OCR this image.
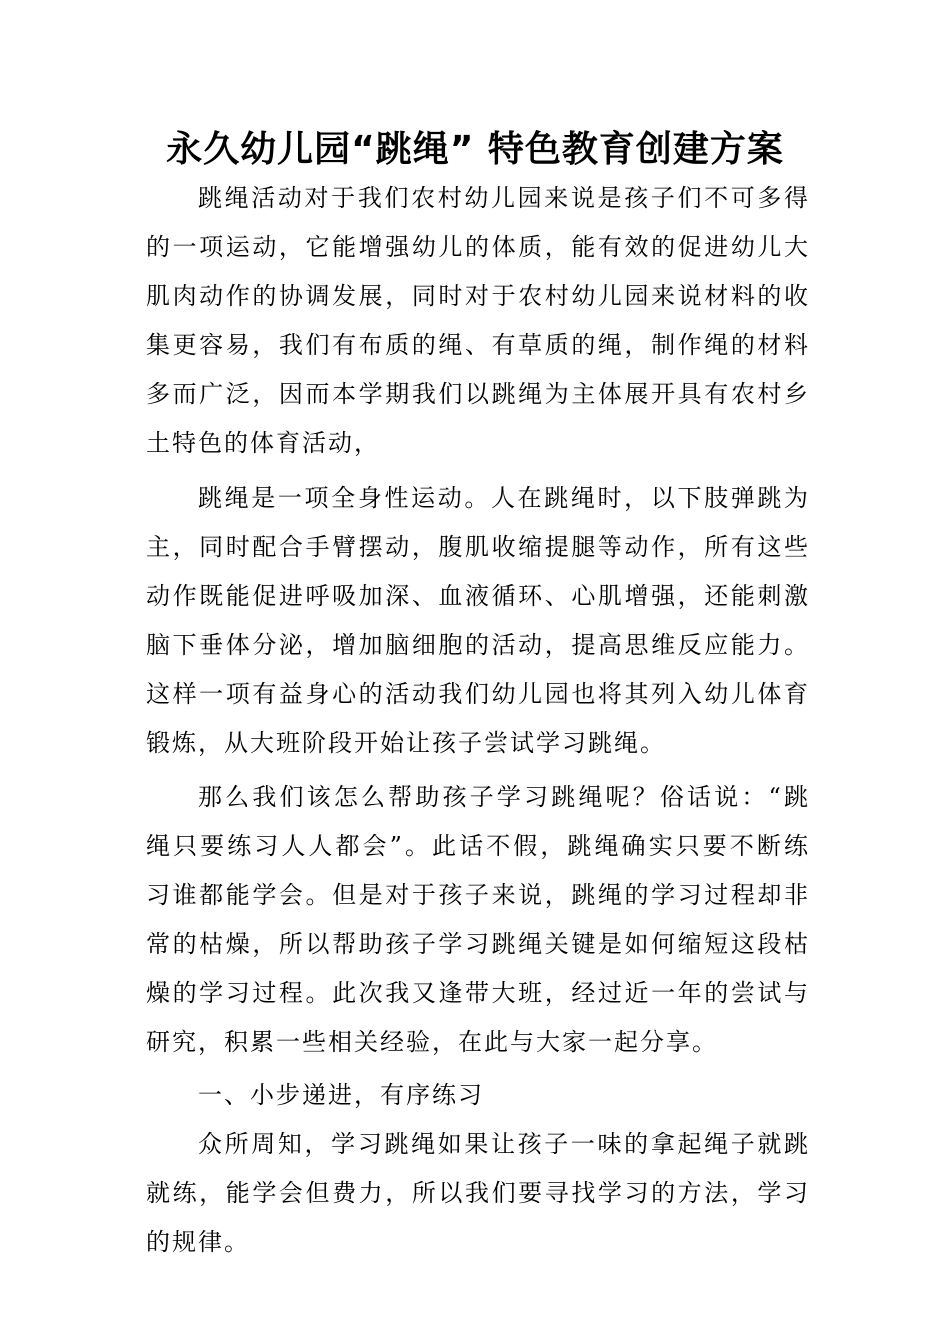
永久幼儿园“跳绳” 特色教育创建方案

跳绳活动对于我们农村幼儿园来说是孩子们不可多得的一项运动，它能增强幼儿的体质，能有效的促进幼儿大肌肉动作的协调发展，同时对于农村幼儿园来说材料的收集更容易，我们有布质的绳、有草质的绳，制作绳的材料多而广泛，因而本学期我们以跳绳为主体展开具有农村乡土特色的体育活动，

跳绳是一项全身性运动。人在跳绳时，以下肢弹跳为主，同时配合手臂摆动，腹肌收缩提腿等动作，所有这些动作既能促进呼吸加深、血液循环、心肌增强，还能刺激脑下垂体分泌，增加脑细胞的活动，提高思维反应能力。这样一项有益身心的活动我们幼儿园也将其列入幼儿体育锻炼，从大班阶段开始让孩子尝试学习跳绳。

那么我们该怎么帮助孩子学习跳绳呢？俗话说：“跳绳只要练习人人都会”。此话不假，跳绳确实只要不断练习谁都能学会。但是对于孩子来说，跳绳的学习过程却非常的枯燥，所以帮助孩子学习跳绳关键是如何缩短这段枯燥的学习过程。此次我又逢带大班，经过近一年的尝试与研究，积累一些相关经验，在此与大家一起分享。

一、小步递进，有序练习

众所周知，学习跳绳如果让孩子一味的拿起绳子就跳就练，能学会但费力，所以我们要寻找学习的方法，学习的规律。
